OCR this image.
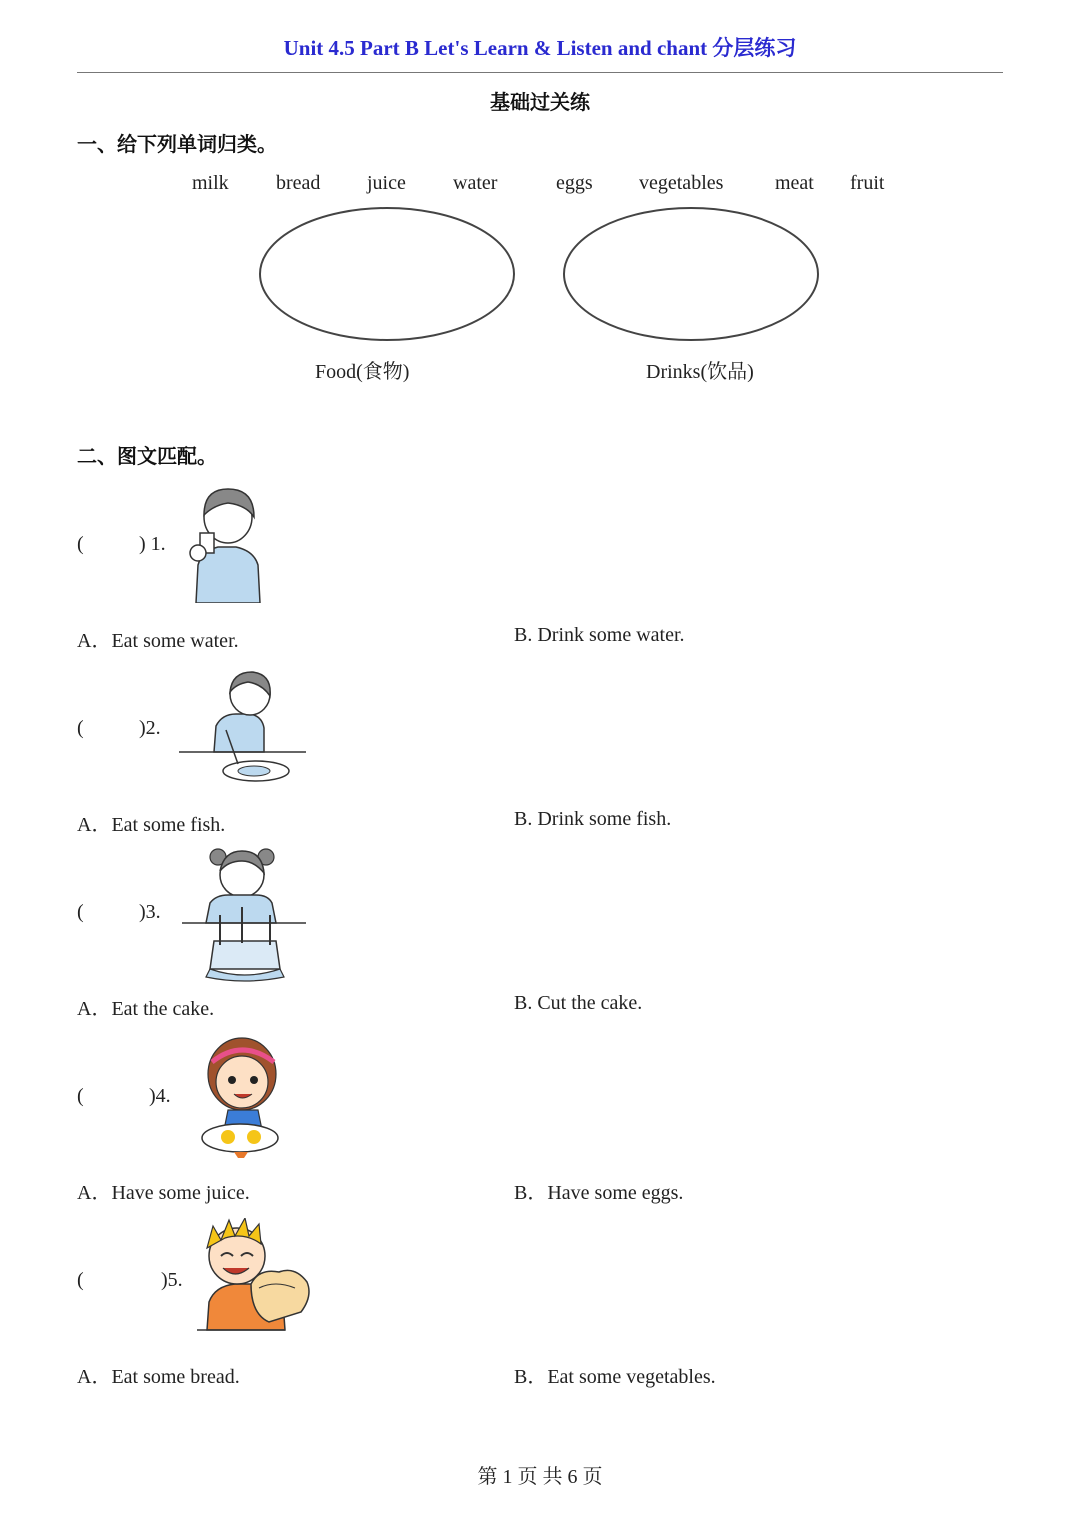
Unit 4.5 Part B Let's Learn & Listen and chant 分层练习
基础过关练
一、给下列单词归类。
milk bread juice water	eggs vegetables	meat fruit
Food(食物)	Drinks(饮品)
二、图文匹配。
(	) 1.
A．Eat some water.	B. Drink some water.
(	)2.
A．Eat some fish.	B. Drink some fish.
(	)3.
A．Eat the cake.	B. Cut the cake.
(	)4.
A．Have some juice.	B．Have some eggs.
(	)5.
A．Eat some bread.	B．Eat some vegetables.
第 1 页 共 6 页
